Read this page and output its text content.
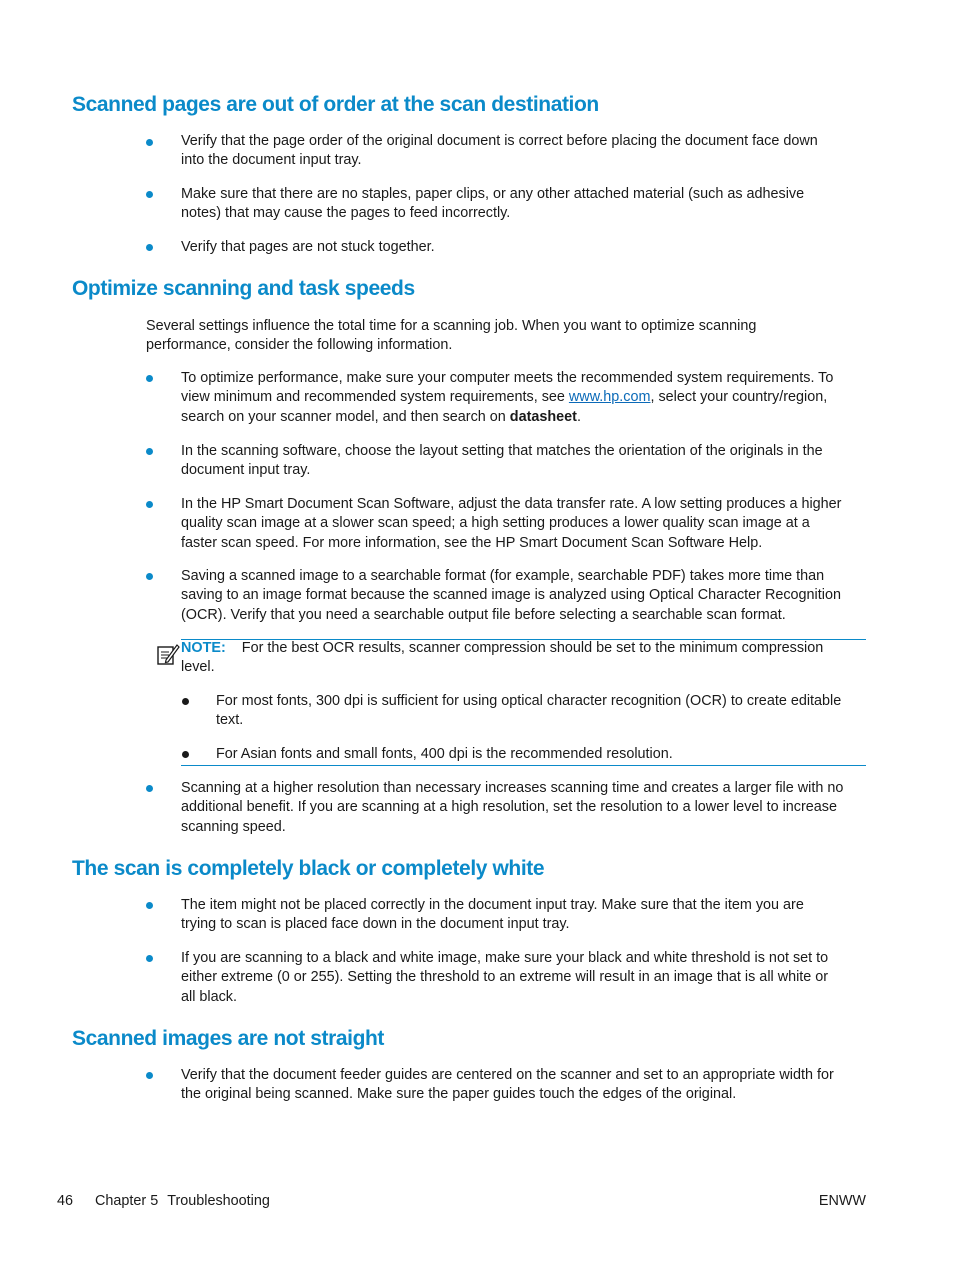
Scanned pages are out of order at the scan destination

Verify that the page order of the original document is correct before placing the document face down
into the document input tray.

Make sure that there are no staples, paper clips, or any other attached material (such as adhesive
notes) that may cause the pages to feed incorrectly.

Verify that pages are not stuck together.

Optimize scanning and task speeds

Several settings influence the total time for a scanning job. When you want to optimize scanning
performance, consider the following information.

To optimize performance, make sure your computer meets the recommended system requirements. To
view minimum and recommended system requirements, see www.hp.com, select your country/region,
search on your scanner model, and then search on datasheet.

In the scanning software, choose the layout setting that matches the orientation of the originals in the
document input tray.

In the HP Smart Document Scan Software, adjust the data transfer rate. A low setting produces a higher
quality scan image at a slower scan speed; a high setting produces a lower quality scan image at a
faster scan speed. For more information, see the HP Smart Document Scan Software Help.

Saving a scanned image to a searchable format (for example, searchable PDF) takes more time than
saving to an image format because the scanned image is analyzed using Optical Character Recognition
(OCR). Verify that you need a searchable output file before selecting a searchable scan format.

NOTE: For the best OCR results, scanner compression should be set to the minimum compression
level.

For most fonts, 300 dpi is sufficient for using optical character recognition (OCR) to create editable
text.

For Asian fonts and small fonts, 400 dpi is the recommended resolution.

Scanning at a higher resolution than necessary increases scanning time and creates a larger file with no
additional benefit. If you are scanning at a high resolution, set the resolution to a lower level to increase
scanning speed.

The scan is completely black or completely white

The item might not be placed correctly in the document input tray. Make sure that the item you are
trying to scan is placed face down in the document input tray.

If you are scanning to a black and white image, make sure your black and white threshold is not set to
either extreme (0 or 255). Setting the threshold to an extreme will result in an image that is all white or
all black.

Scanned images are not straight

Verify that the document feeder guides are centered on the scanner and set to an appropriate width for
the original being scanned. Make sure the paper guides touch the edges of the original.

46 Chapter 5 Troubleshooting	ENWW
